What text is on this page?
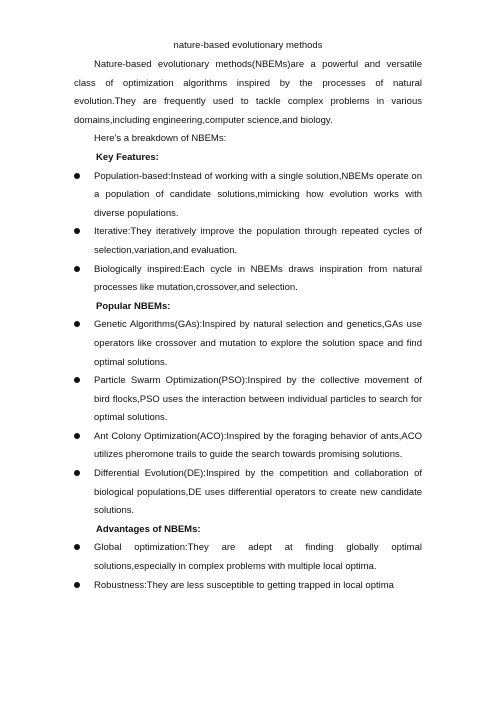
nature-based evolutionary methods

Nature-based evolutionary methods(NBEMs)are a powerful and versatile class of optimization algorithms inspired by the processes of natural evolution.They are frequently used to tackle complex problems in various domains,including engineering,computer science,and biology.

Here's a breakdown of NBEMs:

Key Features:

Population-based:Instead of working with a single solution,NBEMs operate on a population of candidate solutions,mimicking how evolution works with diverse populations.
Iterative:They iteratively improve the population through repeated cycles of selection,variation,and evaluation.
Biologically inspired:Each cycle in NBEMs draws inspiration from natural processes like mutation,crossover,and selection.

Popular NBEMs:

Genetic Algorithms(GAs):Inspired by natural selection and genetics,GAs use operators like crossover and mutation to explore the solution space and find optimal solutions.
Particle Swarm Optimization(PSO):Inspired by the collective movement of bird flocks,PSO uses the interaction between individual particles to search for optimal solutions.
Ant Colony Optimization(ACO):Inspired by the foraging behavior of ants,ACO utilizes pheromone trails to guide the search towards promising solutions.
Differential Evolution(DE):Inspired by the competition and collaboration of biological populations,DE uses differential operators to create new candidate solutions.

Advantages of NBEMs:

Global optimization:They are adept at finding globally optimal solutions,especially in complex problems with multiple local optima.
Robustness:They are less susceptible to getting trapped in local optima
